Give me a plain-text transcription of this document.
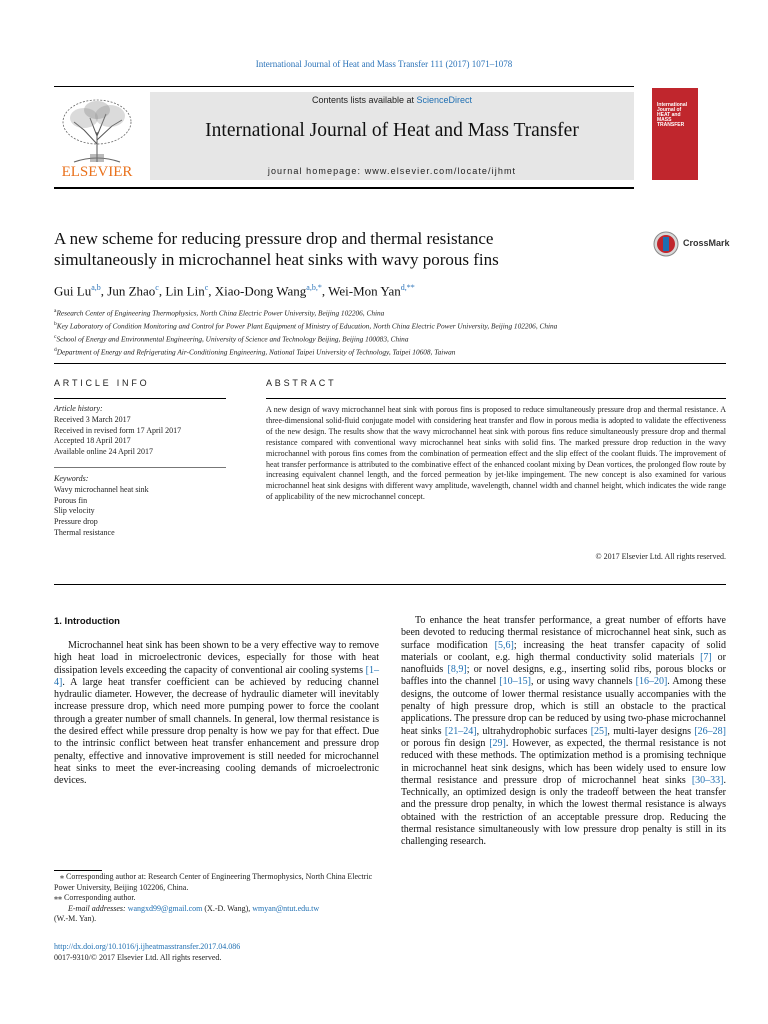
International Journal of Heat and Mass Transfer 111 (2017) 1071–1078
ELSEVIER
Contents lists available at ScienceDirect
International Journal of Heat and Mass Transfer
journal homepage: www.elsevier.com/locate/ijhmt
International Journal of HEAT and MASS TRANSFER
A new scheme for reducing pressure drop and thermal resistance
simultaneously in microchannel heat sinks with wavy porous fins
CrossMark
Gui Lu$^{a,b}$, Jun Zhao$^c$, Lin Lin$^c$, Xiao-Dong Wang$^{a,b,*}$, Wei-Mon Yan$^{d,**}$
$^a$Research Center of Engineering Thermophysics, North China Electric Power University, Beijing 102206, China
$^b$Key Laboratory of Condition Monitoring and Control for Power Plant Equipment of Ministry of Education, North China Electric Power University, Beijing 102206, China
$^c$School of Energy and Environmental Engineering, University of Science and Technology Beijing, Beijing 100083, China
$^d$Department of Energy and Refrigerating Air-Conditioning Engineering, National Taipei University of Technology, Taipei 10608, Taiwan
ARTICLE INFO	ABSTRACT
Article history:
Received 3 March 2017
Received in revised form 17 April 2017
Accepted 18 April 2017
Available online 24 April 2017
Keywords:
Wavy microchannel heat sink
Porous fin
Slip velocity
Pressure drop
Thermal resistance
A new design of wavy microchannel heat sink with porous fins is proposed to reduce simultaneously pressure drop and thermal resistance. A three-dimensional solid-fluid conjugate model with considering heat transfer and flow in porous media is adopted to validate the effectiveness of the new design. The results show that the wavy microchannel heat sink with porous fins reduce simultaneously pressure drop and thermal resistance compared with conventional wavy microchannel heat sinks with solid fins. The marked pressure drop reduction in the wavy microchannel with porous fins comes from the combination of permeation effect and the slip effect of the coolant fluids. The improvement of heat transfer performance is attributed to the combinative effect of the enhanced coolant mixing by Dean vortices, the prolonged flow route by increasing equivalent channel length, and the forced permeation by jet-like impingement. The new concept is also examined for various microchannel heat sink designs with different wavy amplitude, wavelength, channel width and channel height, which indicates the wide range of applicability of the new microchannel concept.
© 2017 Elsevier Ltd. All rights reserved.
1. Introduction

Microchannel heat sink has been shown to be a very effective way to remove high heat load in microelectronic devices, especially for those with heat dissipation levels exceeding the capacity of conventional air cooling systems [1–4]. A large heat transfer coefficient can be achieved by reducing channel hydraulic diameter. However, the decrease of hydraulic diameter will inevitably increase pressure drop, which need more pumping power to force the coolant through a greater number of small channels. In general, low thermal resistance is the desired effect while pressure drop penalty is how we pay for that effect. Due to the intrinsic conflict between heat transfer enhancement and pressure drop penalty, effective and innovative improvement is still needed for microchannel heat sinks to meet the ever-increasing cooling demands of microelectronic devices.

To enhance the heat transfer performance, a great number of efforts have been devoted to reducing thermal resistance of microchannel heat sink, such as surface modification [5,6]; increasing the heat transfer capacity of solid materials or coolant, e.g. high thermal conductivity solid materials [7] or nanofluids [8,9]; or novel designs, e.g., inserting solid ribs, porous blocks or baffles into the channel [10–15], or using wavy channels [16–20]. Among these designs, the outcome of lower thermal resistance usually accompanies with the penalty of high pressure drop, which is still an obstacle to the practical applications. The pressure drop can be reduced by using two-phase microchannel heat sinks [21–24], ultrahydrophobic surfaces [25], multi-layer designs [26–28] or porous fin design [29]. However, as expected, the thermal resistance is not reduced with these methods. The optimization method is a promising technique in microchannel heat sink designs, which has been widely used to ensure low thermal resistance and pressure drop of microchannel heat sinks [30–33]. Technically, an optimized design is only the tradeoff between the heat transfer and the pressure drop penalty, in which the lowest thermal resistance is always obtained with the restriction of an acceptable pressure drop. Reducing the thermal resistance simultaneously with low pressure drop penalty is still in its challenging research.

⁎ Corresponding author at: Research Center of Engineering Thermophysics, North China Electric Power University, Beijing 102206, China.
⁎⁎ Corresponding author.
E-mail addresses: wangxd99@gmail.com (X.-D. Wang), wmyan@ntut.edu.tw
(W.-M. Yan).
http://dx.doi.org/10.1016/j.ijheatmasstransfer.2017.04.086
0017-9310/© 2017 Elsevier Ltd. All rights reserved.
